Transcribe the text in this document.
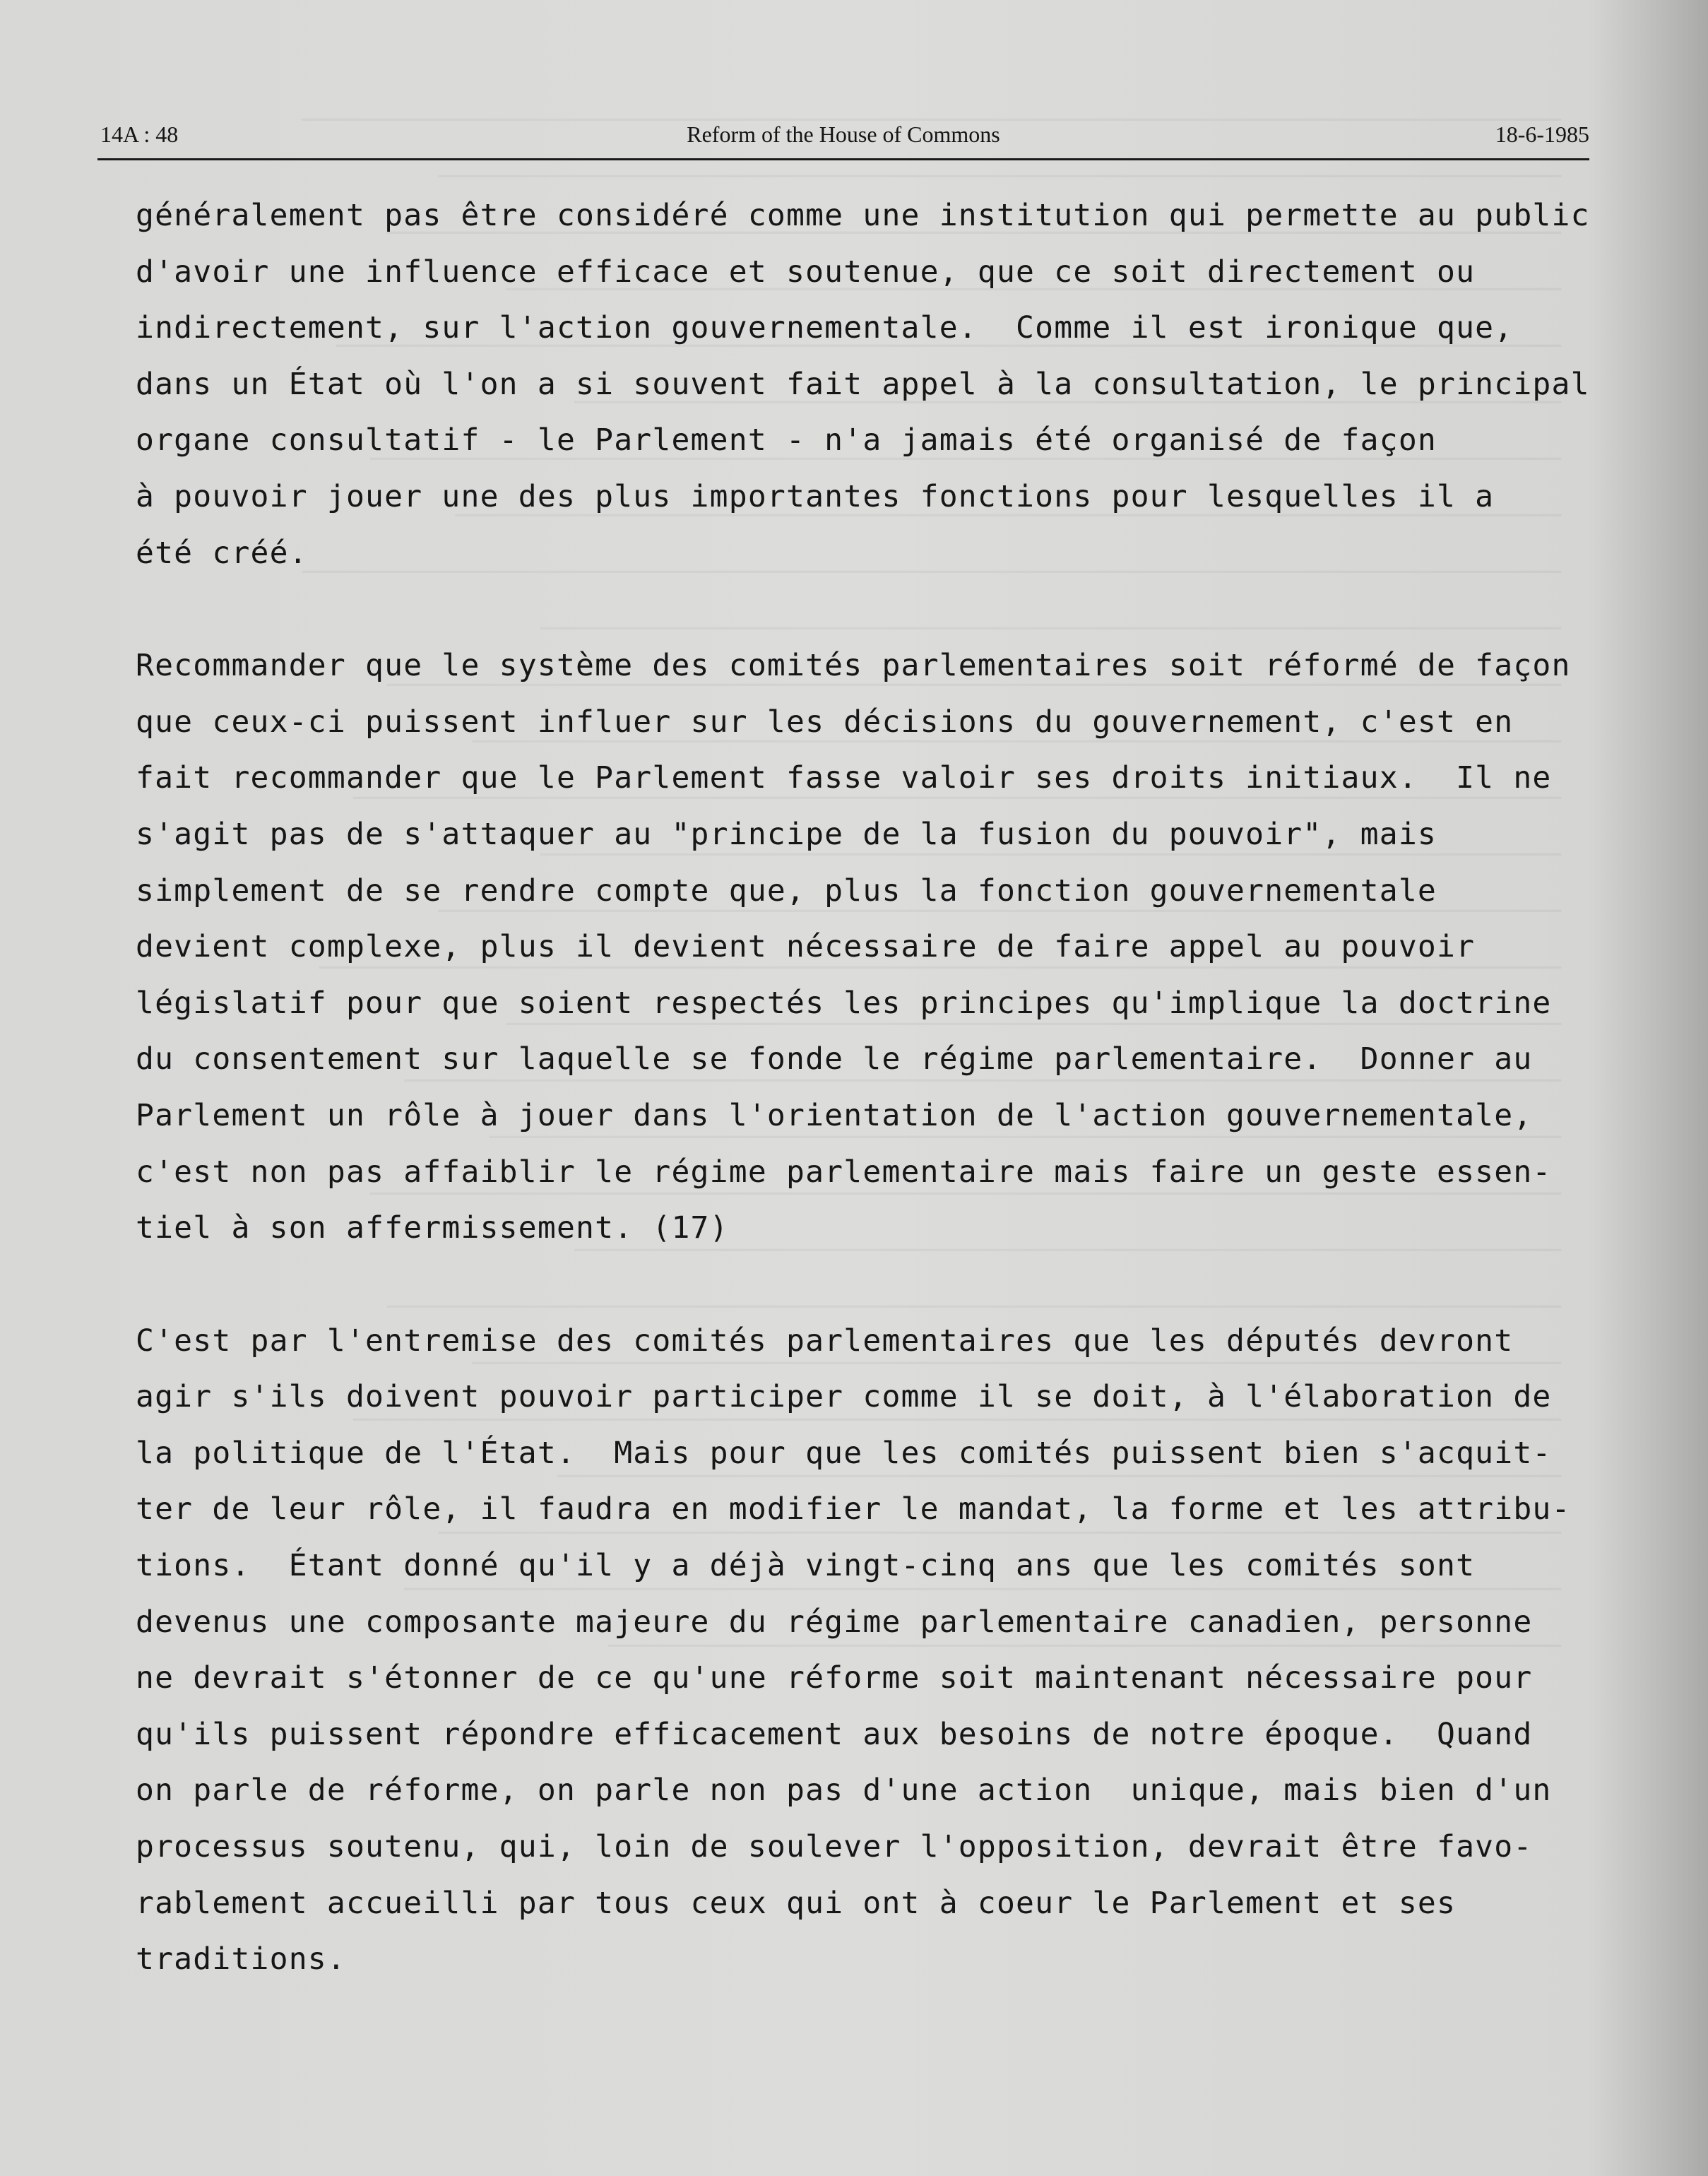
14A : 48	Reform of the House of Commons	18-6-1985
généralement pas être considéré comme une institution qui permette au public
d'avoir une influence efficace et soutenue, que ce soit directement ou
indirectement, sur l'action gouvernementale.  Comme il est ironique que,
dans un État où l'on a si souvent fait appel à la consultation, le principal
organe consultatif - le Parlement - n'a jamais été organisé de façon
à pouvoir jouer une des plus importantes fonctions pour lesquelles il a
été créé.
Recommander que le système des comités parlementaires soit réformé de façon
que ceux-ci puissent influer sur les décisions du gouvernement, c'est en
fait recommander que le Parlement fasse valoir ses droits initiaux.  Il ne
s'agit pas de s'attaquer au "principe de la fusion du pouvoir", mais
simplement de se rendre compte que, plus la fonction gouvernementale
devient complexe, plus il devient nécessaire de faire appel au pouvoir
législatif pour que soient respectés les principes qu'implique la doctrine
du consentement sur laquelle se fonde le régime parlementaire.  Donner au
Parlement un rôle à jouer dans l'orientation de l'action gouvernementale,
c'est non pas affaiblir le régime parlementaire mais faire un geste essen-
tiel à son affermissement. (17)
C'est par l'entremise des comités parlementaires que les députés devront
agir s'ils doivent pouvoir participer comme il se doit, à l'élaboration de
la politique de l'État.  Mais pour que les comités puissent bien s'acquit-
ter de leur rôle, il faudra en modifier le mandat, la forme et les attribu-
tions.  Étant donné qu'il y a déjà vingt-cinq ans que les comités sont
devenus une composante majeure du régime parlementaire canadien, personne
ne devrait s'étonner de ce qu'une réforme soit maintenant nécessaire pour
qu'ils puissent répondre efficacement aux besoins de notre époque.  Quand
on parle de réforme, on parle non pas d'une action  unique, mais bien d'un
processus soutenu, qui, loin de soulever l'opposition, devrait être favo-
rablement accueilli par tous ceux qui ont à coeur le Parlement et ses
traditions.
